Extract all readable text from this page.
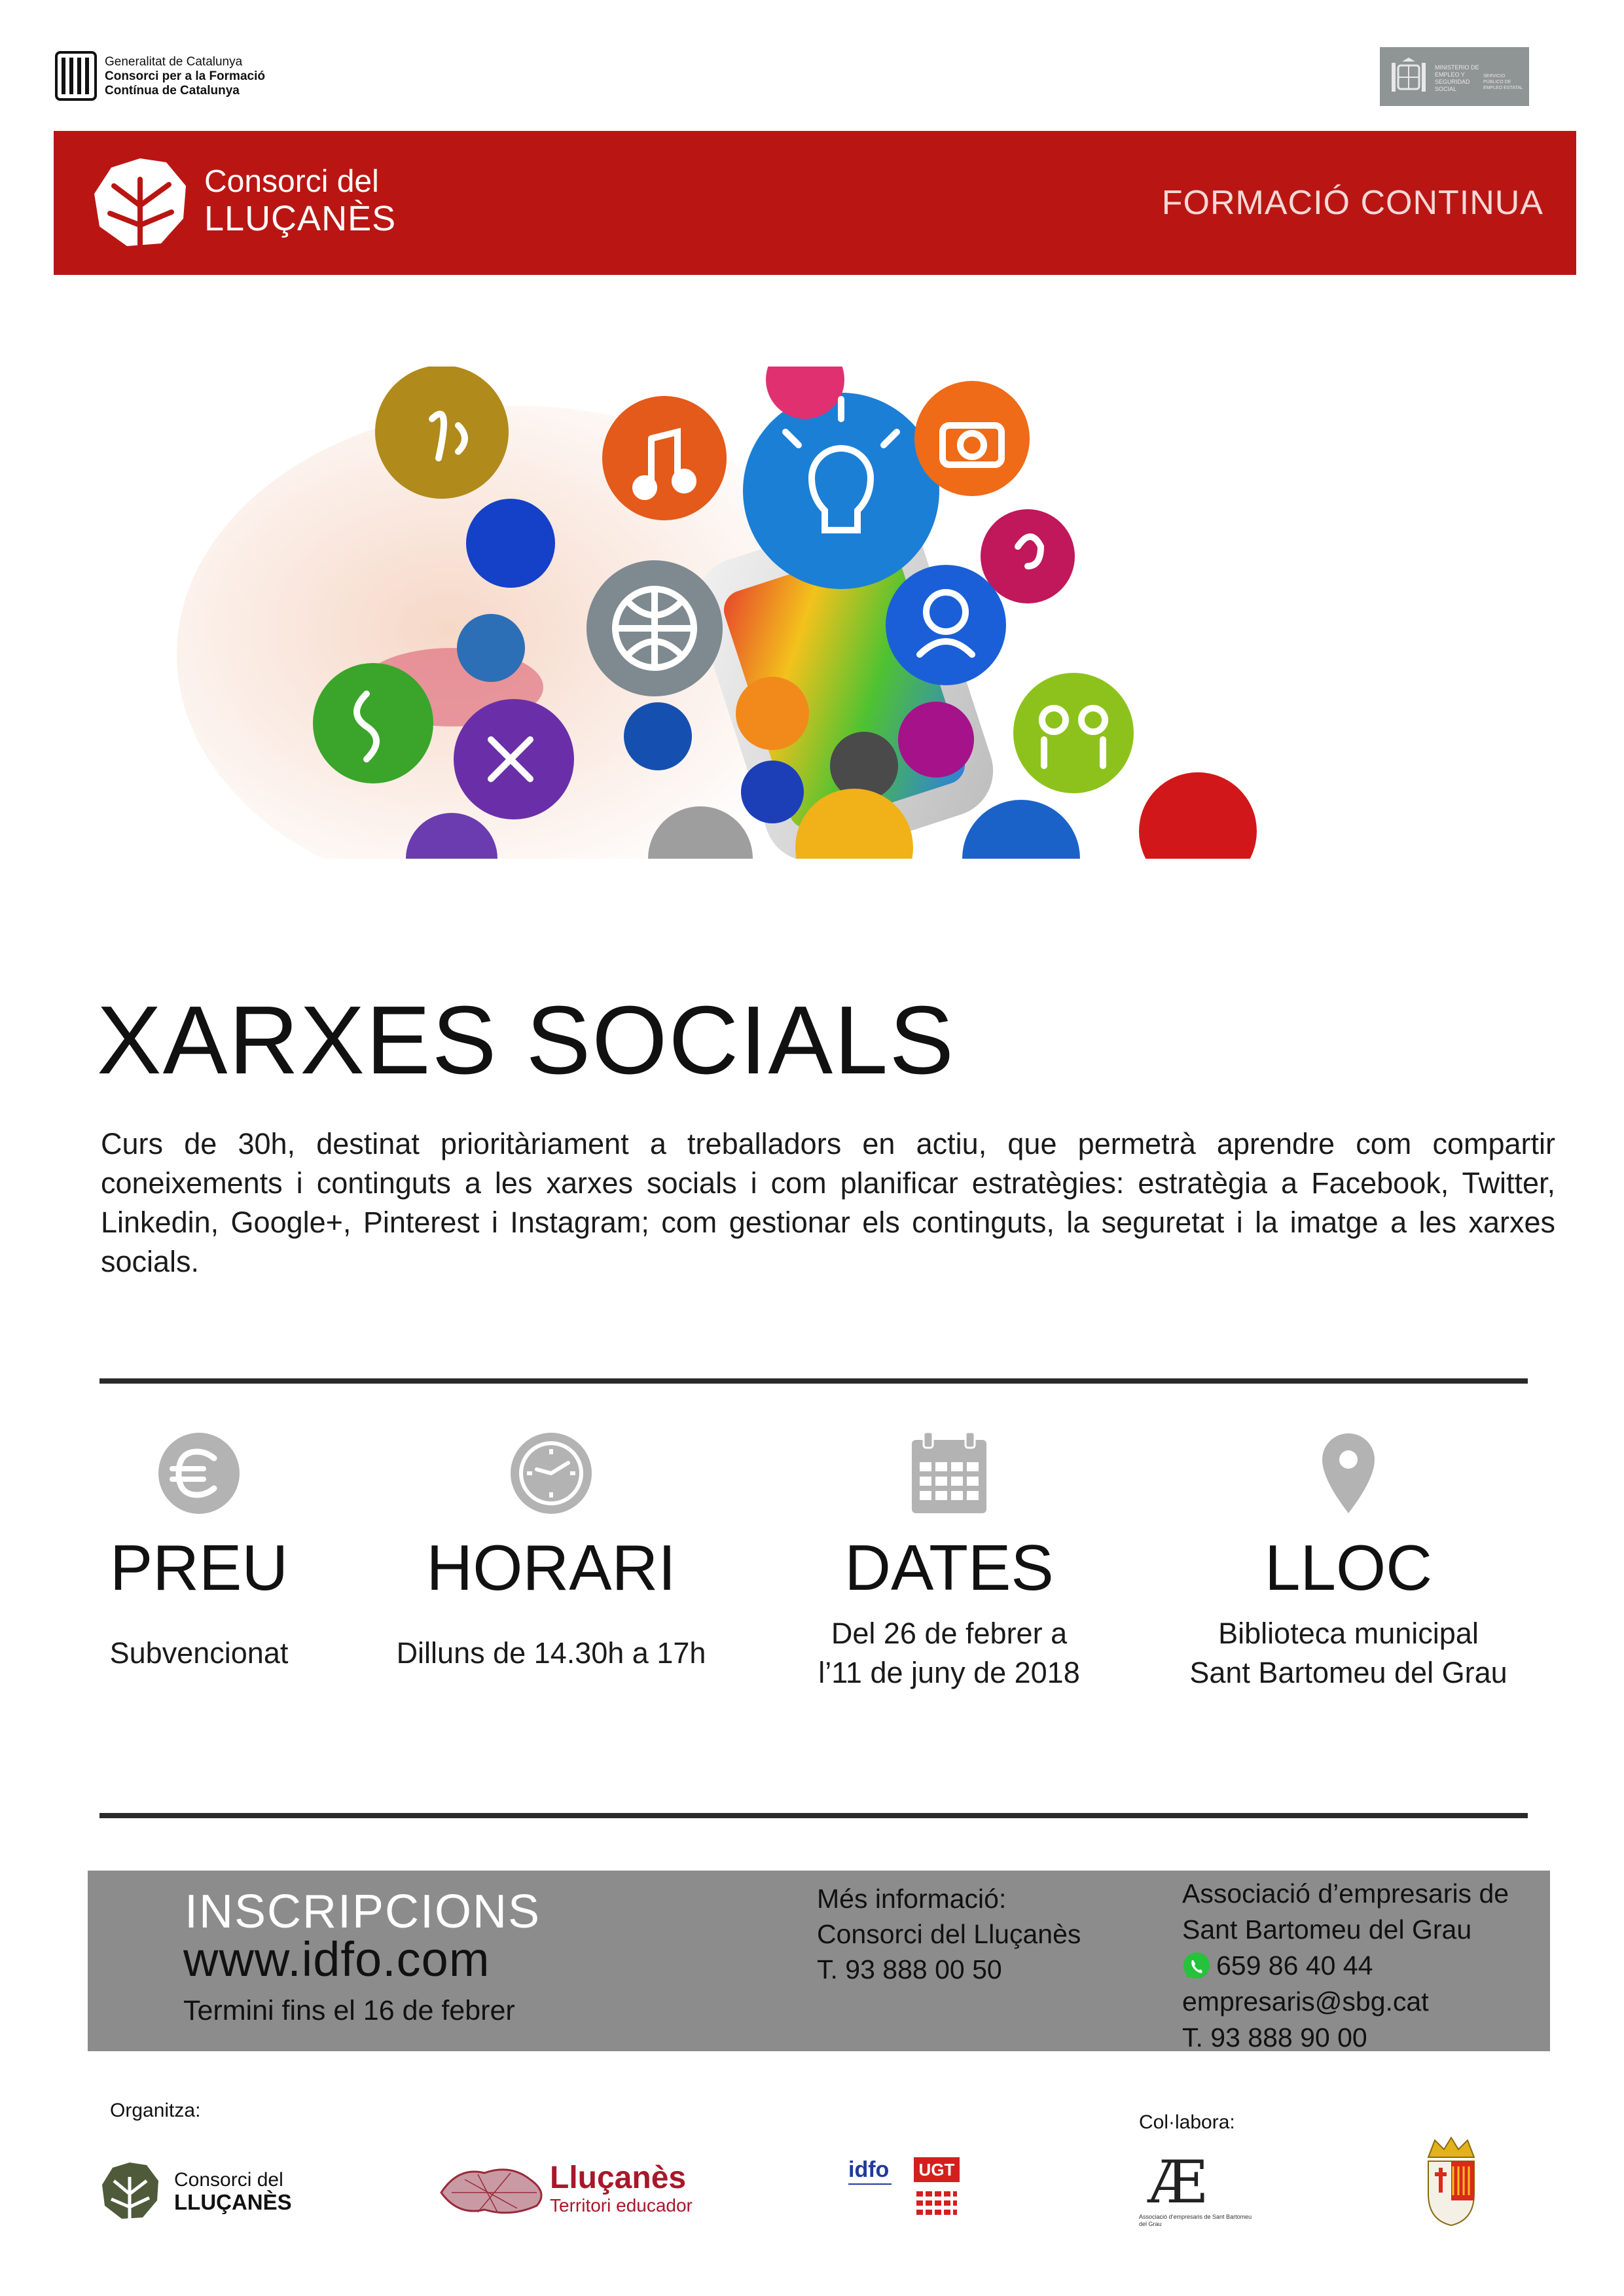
Generalitat de Catalunya
Consorci per a la Formació
Contínua de Catalunya
MINISTERIO DE EMPLEO Y SEGURIDAD SOCIAL
SERVICIO PÚBLICO DE EMPLEO ESTATAL
Consorci del
LLUÇANÈS	FORMACIÓ CONTINUA
XARXES SOCIALS
Curs de 30h, destinat prioritàriament a treballadors en actiu, que permetrà aprendre com compartir coneixements i continguts a les xarxes socials i com planificar estratègies: estratègia a Facebook, Twitter, Linkedin, Google+, Pinterest i Instagram; com gestionar els continguts, la seguretat i la imatge a les xarxes socials.
PREU
Subvencionat
HORARI
Dilluns de 14.30h a 17h
DATES
Del 26 de febrer a
l’11 de juny de 2018
LLOC
Biblioteca municipal
Sant Bartomeu del Grau
INSCRIPCIONS
www.idfo.com
Termini fins el 16 de febrer
Més informació:
Consorci del Lluçanès
T. 93 888 00 50
Associació d’empresaris de
Sant Bartomeu del Grau
659 86 40 44
empresaris@sbg.cat
T. 93 888 90 00
Organitza:
Col·labora:
Consorci del
LLUÇANÈS
Lluçanès
Territori educador
idfo UGT	Æ
Associació d’empresaris de Sant Bartomeu del Grau
